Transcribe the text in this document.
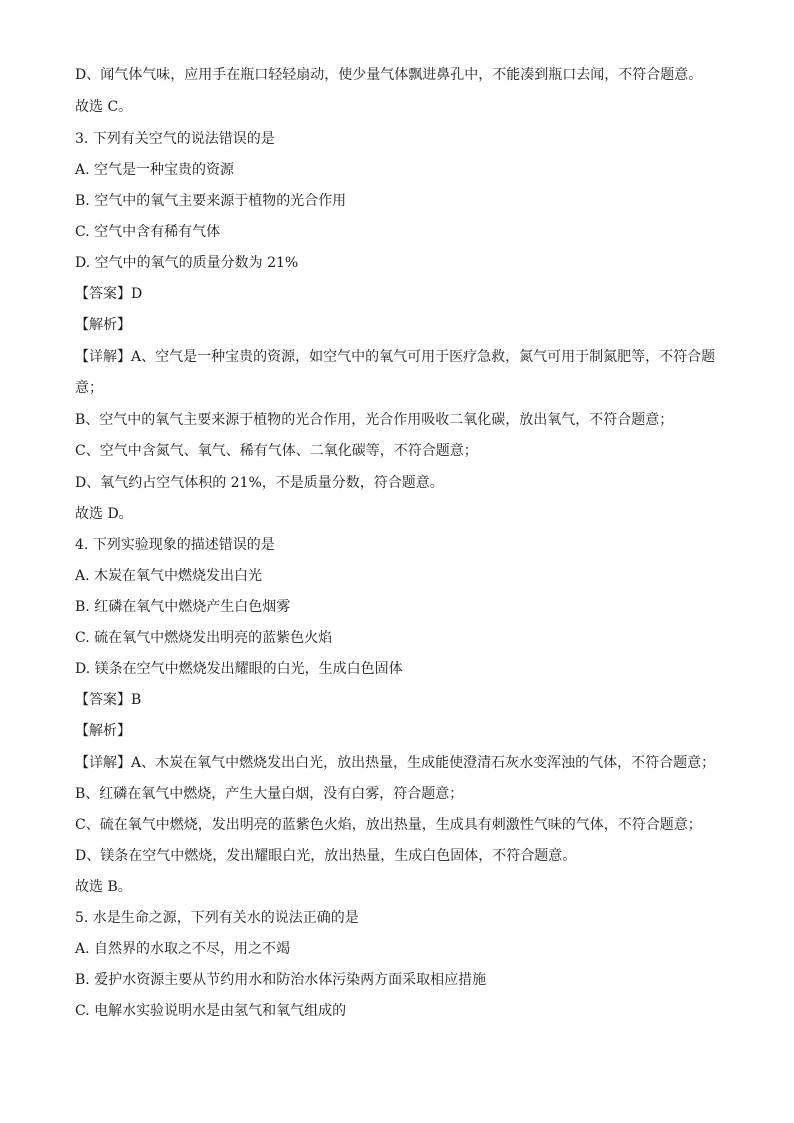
D、闻气体气味，应用手在瓶口轻轻扇动，使少量气体飘进鼻孔中，不能凑到瓶口去闻，不符合题意。
故选 C。
3. 下列有关空气的说法错误的是
A. 空气是一种宝贵的资源
B. 空气中的氧气主要来源于植物的光合作用
C. 空气中含有稀有气体
D. 空气中的氧气的质量分数为 21%
【答案】D
【解析】
【详解】A、空气是一种宝贵的资源，如空气中的氧气可用于医疗急救，氮气可用于制氮肥等，不符合题
意；
B、空气中的氧气主要来源于植物的光合作用，光合作用吸收二氧化碳，放出氧气，不符合题意；
C、空气中含氮气、氧气、稀有气体、二氧化碳等，不符合题意；
D、氧气约占空气体积的 21%，不是质量分数，符合题意。
故选 D。
4. 下列实验现象的描述错误的是
A. 木炭在氧气中燃烧发出白光
B. 红磷在氧气中燃烧产生白色烟雾
C. 硫在氧气中燃烧发出明亮的蓝紫色火焰
D. 镁条在空气中燃烧发出耀眼的白光，生成白色固体
【答案】B
【解析】
【详解】A、木炭在氧气中燃烧发出白光，放出热量，生成能使澄清石灰水变浑浊的气体，不符合题意；
B、红磷在氧气中燃烧，产生大量白烟，没有白雾，符合题意；
C、硫在氧气中燃烧，发出明亮的蓝紫色火焰，放出热量，生成具有刺激性气味的气体，不符合题意；
D、镁条在空气中燃烧，发出耀眼白光，放出热量，生成白色固体，不符合题意。
故选 B。
5. 水是生命之源，下列有关水的说法正确的是
A. 自然界的水取之不尽，用之不竭
B. 爱护水资源主要从节约用水和防治水体污染两方面采取相应措施
C. 电解水实验说明水是由氢气和氧气组成的
